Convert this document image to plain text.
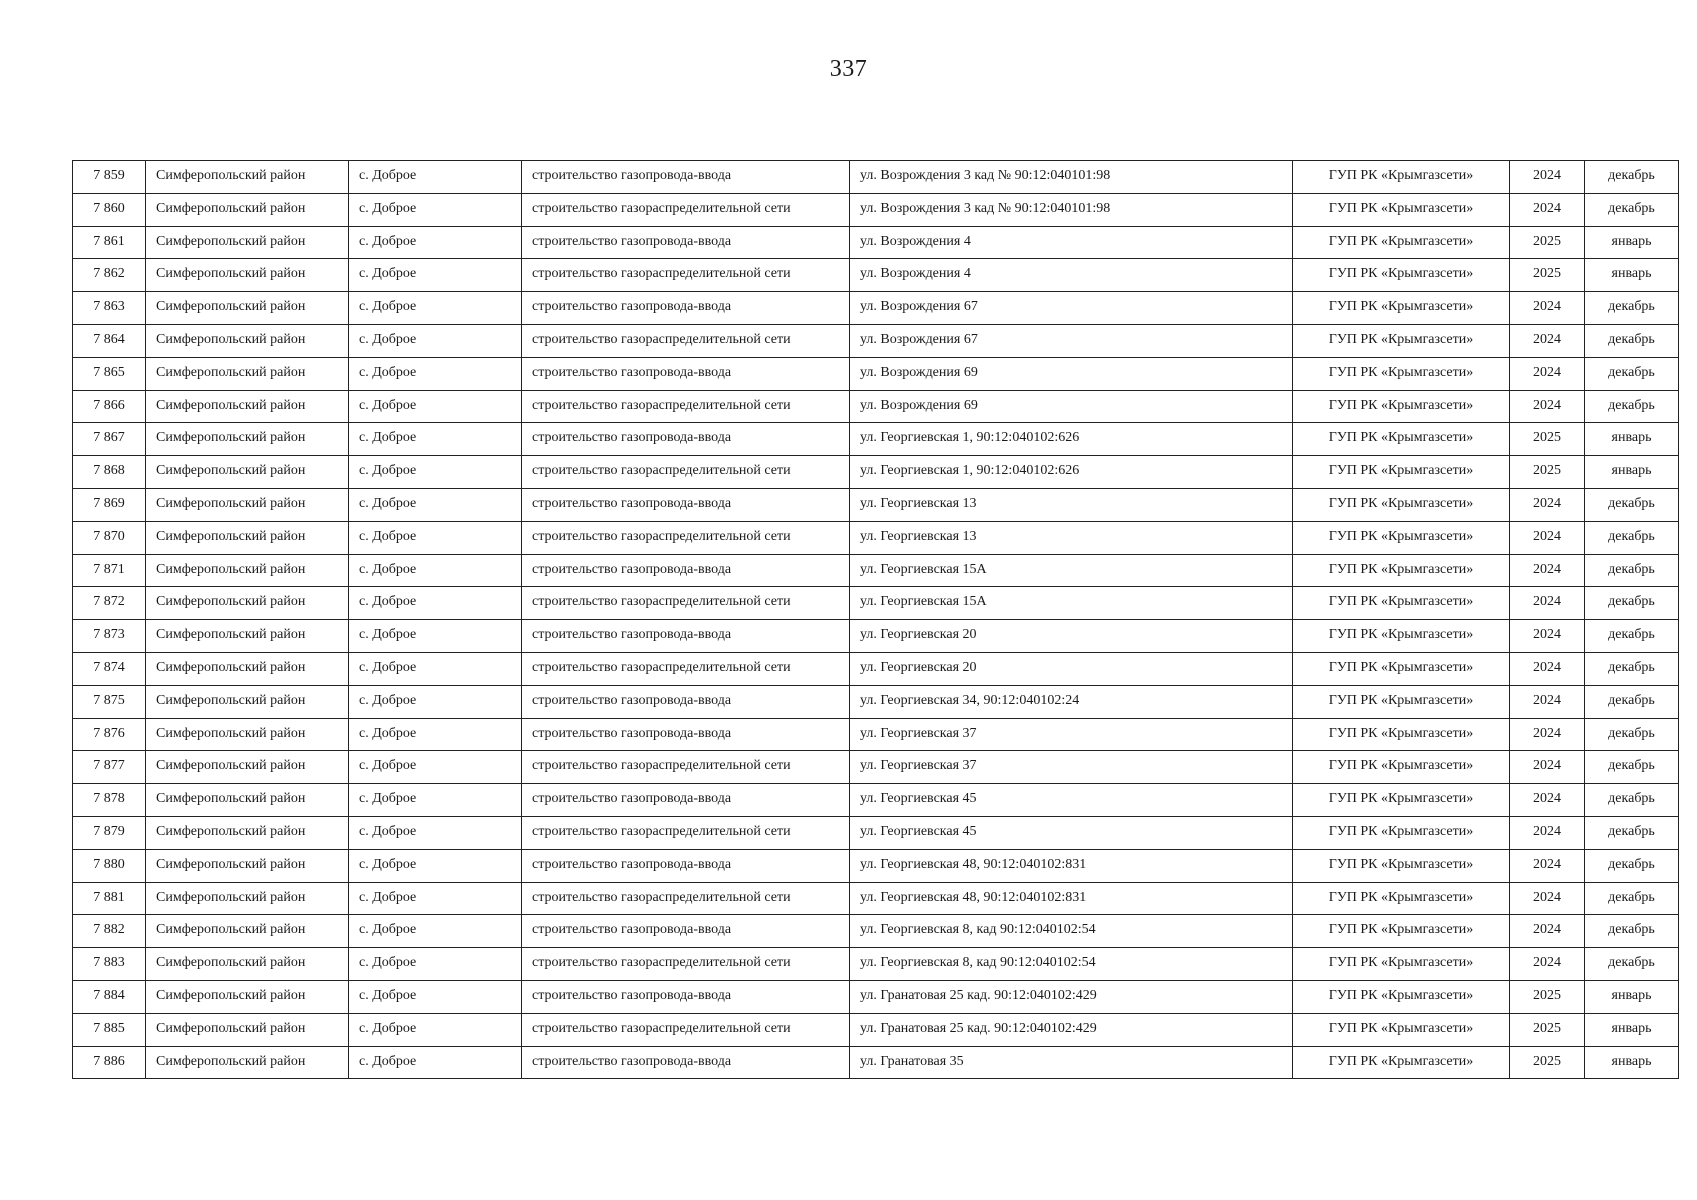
337
7 859	Симферопольский район	с. Доброе	строительство газопровода-ввода	ул. Возрождения 3 кад № 90:12:040101:98	ГУП РК «Крымгазсети»	2024	декабрь
7 860	Симферопольский район	с. Доброе	строительство газораспределительной сети	ул. Возрождения 3 кад № 90:12:040101:98	ГУП РК «Крымгазсети»	2024	декабрь
7 861	Симферопольский район	с. Доброе	строительство газопровода-ввода	ул. Возрождения 4	ГУП РК «Крымгазсети»	2025	январь
7 862	Симферопольский район	с. Доброе	строительство газораспределительной сети	ул. Возрождения 4	ГУП РК «Крымгазсети»	2025	январь
7 863	Симферопольский район	с. Доброе	строительство газопровода-ввода	ул. Возрождения 67	ГУП РК «Крымгазсети»	2024	декабрь
7 864	Симферопольский район	с. Доброе	строительство газораспределительной сети	ул. Возрождения 67	ГУП РК «Крымгазсети»	2024	декабрь
7 865	Симферопольский район	с. Доброе	строительство газопровода-ввода	ул. Возрождения 69	ГУП РК «Крымгазсети»	2024	декабрь
7 866	Симферопольский район	с. Доброе	строительство газораспределительной сети	ул. Возрождения 69	ГУП РК «Крымгазсети»	2024	декабрь
7 867	Симферопольский район	с. Доброе	строительство газопровода-ввода	ул. Георгиевская 1, 90:12:040102:626	ГУП РК «Крымгазсети»	2025	январь
7 868	Симферопольский район	с. Доброе	строительство газораспределительной сети	ул. Георгиевская 1, 90:12:040102:626	ГУП РК «Крымгазсети»	2025	январь
7 869	Симферопольский район	с. Доброе	строительство газопровода-ввода	ул. Георгиевская 13	ГУП РК «Крымгазсети»	2024	декабрь
7 870	Симферопольский район	с. Доброе	строительство газораспределительной сети	ул. Георгиевская 13	ГУП РК «Крымгазсети»	2024	декабрь
7 871	Симферопольский район	с. Доброе	строительство газопровода-ввода	ул. Георгиевская 15А	ГУП РК «Крымгазсети»	2024	декабрь
7 872	Симферопольский район	с. Доброе	строительство газораспределительной сети	ул. Георгиевская 15А	ГУП РК «Крымгазсети»	2024	декабрь
7 873	Симферопольский район	с. Доброе	строительство газопровода-ввода	ул. Георгиевская 20	ГУП РК «Крымгазсети»	2024	декабрь
7 874	Симферопольский район	с. Доброе	строительство газораспределительной сети	ул. Георгиевская 20	ГУП РК «Крымгазсети»	2024	декабрь
7 875	Симферопольский район	с. Доброе	строительство газопровода-ввода	ул. Георгиевская 34, 90:12:040102:24	ГУП РК «Крымгазсети»	2024	декабрь
7 876	Симферопольский район	с. Доброе	строительство газопровода-ввода	ул. Георгиевская 37	ГУП РК «Крымгазсети»	2024	декабрь
7 877	Симферопольский район	с. Доброе	строительство газораспределительной сети	ул. Георгиевская 37	ГУП РК «Крымгазсети»	2024	декабрь
7 878	Симферопольский район	с. Доброе	строительство газопровода-ввода	ул. Георгиевская 45	ГУП РК «Крымгазсети»	2024	декабрь
7 879	Симферопольский район	с. Доброе	строительство газораспределительной сети	ул. Георгиевская 45	ГУП РК «Крымгазсети»	2024	декабрь
7 880	Симферопольский район	с. Доброе	строительство газопровода-ввода	ул. Георгиевская 48, 90:12:040102:831	ГУП РК «Крымгазсети»	2024	декабрь
7 881	Симферопольский район	с. Доброе	строительство газораспределительной сети	ул. Георгиевская 48, 90:12:040102:831	ГУП РК «Крымгазсети»	2024	декабрь
7 882	Симферопольский район	с. Доброе	строительство газопровода-ввода	ул. Георгиевская 8, кад 90:12:040102:54	ГУП РК «Крымгазсети»	2024	декабрь
7 883	Симферопольский район	с. Доброе	строительство газораспределительной сети	ул. Георгиевская 8, кад 90:12:040102:54	ГУП РК «Крымгазсети»	2024	декабрь
7 884	Симферопольский район	с. Доброе	строительство газопровода-ввода	ул. Гранатовая 25 кад. 90:12:040102:429	ГУП РК «Крымгазсети»	2025	январь
7 885	Симферопольский район	с. Доброе	строительство газораспределительной сети	ул. Гранатовая 25 кад. 90:12:040102:429	ГУП РК «Крымгазсети»	2025	январь
7 886	Симферопольский район	с. Доброе	строительство газопровода-ввода	ул. Гранатовая 35	ГУП РК «Крымгазсети»	2025	январь
